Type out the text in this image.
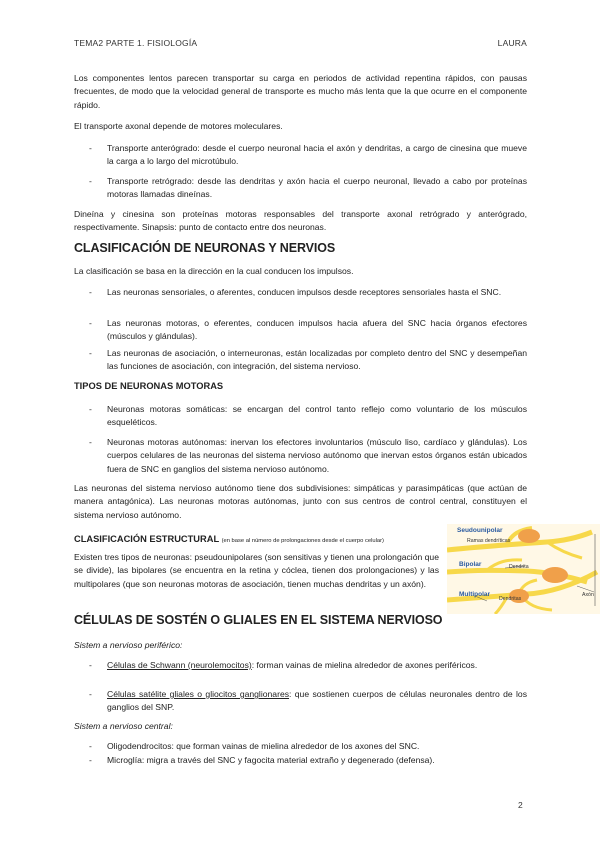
TEMA2 PARTE 1. FISIOLOGÍA	LAURA
Los componentes lentos parecen transportar su carga en periodos de actividad repentina rápidos, con pausas frecuentes, de modo que la velocidad general de transporte es mucho más lenta que la que ocurre en el componente rápido.
El transporte axonal depende de motores moleculares.
- Transporte anterógrado: desde el cuerpo neuronal hacia el axón y dendritas, a cargo de cinesina que mueve la carga a lo largo del microtúbulo.
- Transporte retrógrado: desde las dendritas y axón hacia el cuerpo neuronal, llevado a cabo por proteínas motoras llamadas dineínas.
Dineína y cinesina son proteínas motoras responsables del transporte axonal retrógrado y anterógrado, respectivamente. Sinapsis: punto de contacto entre dos neuronas.
CLASIFICACIÓN DE NEURONAS Y NERVIOS
La clasificación se basa en la dirección en la cual conducen los impulsos.
- Las neuronas sensoriales, o aferentes, conducen impulsos desde receptores sensoriales hasta el SNC.
- Las neuronas motoras, o eferentes, conducen impulsos hacia afuera del SNC hacia órganos efectores (músculos y glándulas).
- Las neuronas de asociación, o interneuronas, están localizadas por completo dentro del SNC y desempeñan las funciones de asociación, con integración, del sistema nervioso.
TIPOS DE NEURONAS MOTORAS
- Neuronas motoras somáticas: se encargan del control tanto reflejo como voluntario de los músculos esqueléticos.
- Neuronas motoras autónomas: inervan los efectores involuntarios (músculo liso, cardíaco y glándulas). Los cuerpos celulares de las neuronas del sistema nervioso autónomo que inervan estos órganos están ubicados fuera de SNC en ganglios del sistema nervioso autónomo.
Las neuronas del sistema nervioso autónomo tiene dos subdivisiones: simpáticas y parasimpáticas (que actúan de manera antagónica). Las neuronas motoras autónomas, junto con sus centros de control central, constituyen el sistema nervioso autónomo.
CLASIFICACIÓN ESTRUCTURAL (en base al número de prolongaciones desde el cuerpo celular)
Existen tres tipos de neuronas: pseudounipolares (son sensitivas y tienen una prolongación que se divide), las bipolares (se encuentra en la retina y cóclea, tienen dos prolongaciones) y las multipolares (que son neuronas motoras de asociación, tienen muchas dendritas y un axón).
Seudounipolar
Ramas dendríticas
Bipolar	Dendrita
Multipolar
Dendritas
Axón
CÉLULAS DE SOSTÉN O GLIALES EN EL SISTEMA NERVIOSO
Sistem a nervioso periférico:
- Células de Schwann (neurolemocitos): forman vainas de mielina alrededor de axones periféricos.
- Células satélite gliales o gliocitos ganglionares: que sostienen cuerpos de células neuronales dentro de los ganglios del SNP.
Sistem a nervioso central:
- Oligodendrocitos: que forman vainas de mielina alrededor de los axones del SNC.
- Microglía: migra a través del SNC y fagocita material extraño y degenerado (defensa).
2
